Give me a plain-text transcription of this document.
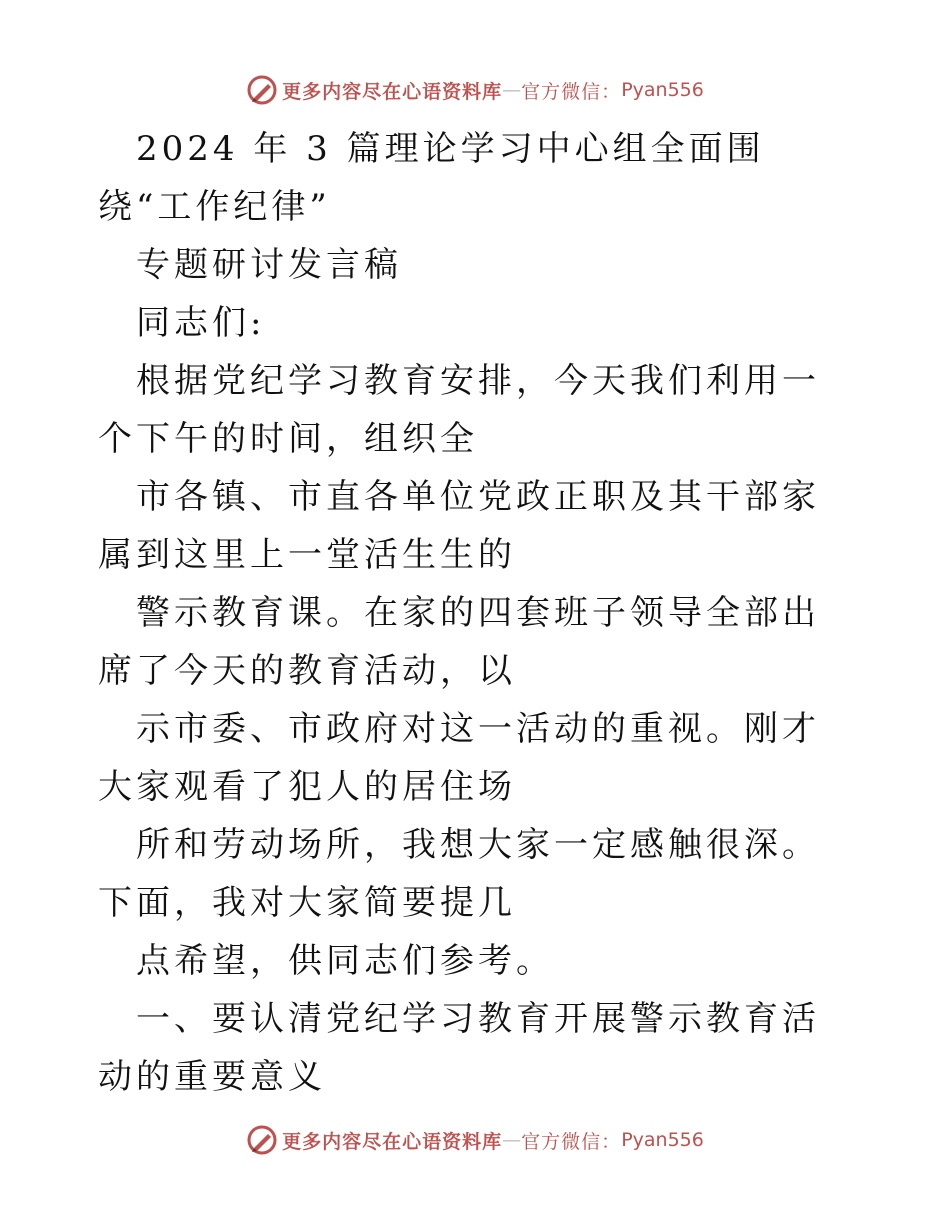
更多内容尽在心语资料库 — 官方微信： Pyan556

2024 年 3 篇理论学习中心组全面围绕“工作纪律”

专题研讨发言稿

同志们:

根据党纪学习教育安排，今天我们利用一个下午的时间，组织全

市各镇、市直各单位党政正职及其干部家属到这里上一堂活生生的

警示教育课。在家的四套班子领导全部出席了今天的教育活动，以

示市委、市政府对这一活动的重视。刚才大家观看了犯人的居住场

所和劳动场所，我想大家一定感触很深。下面，我对大家简要提几

点希望，供同志们参考。

一、要认清党纪学习教育开展警示教育活动的重要意义

更多内容尽在心语资料库 — 官方微信： Pyan556
